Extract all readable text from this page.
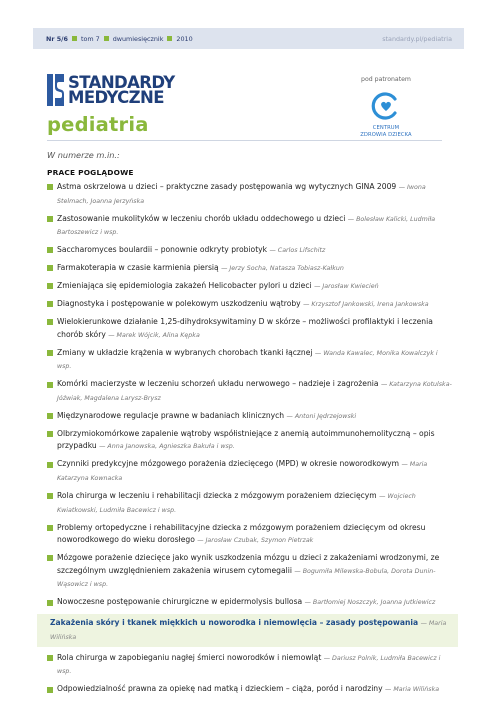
Nr 5/6 tom 7 dwumiesięcznik 2010	standardy.pl/pediatria
STANDARDY
MEDYCZNE
pediatria
pod patronatem
CENTRUM
ZDROWIA DZIECKA
W numerze m.in.:
PRACE POGLĄDOWE
Astma oskrzelowa u dzieci – praktyczne zasady postępowania wg wytycznych GINA 2009 — Iwona Stelmach, Joanna Jerzyńska
Zastosowanie mukolityków w leczeniu chorób układu oddechowego u dzieci — Bolesław Kalicki, Ludmiła Bartoszewicz i wsp.
Saccharomyces boulardii – ponownie odkryty probiotyk — Carlos Lifschitz
Farmakoterapia w czasie karmienia piersią — Jerzy Socha, Natasza Tobiasz-Kałkun
Zmieniająca się epidemiologia zakażeń Helicobacter pylori u dzieci — Jarosław Kwiecień
Diagnostyka i postępowanie w polekowym uszkodzeniu wątroby — Krzysztof Jankowski, Irena Jankowska
Wielokierunkowe działanie 1,25-dihydroksywitaminy D w skórze – możliwości profilaktyki i leczenia chorób skóry — Marek Wójcik, Alina Kępka
Zmiany w układzie krążenia w wybranych chorobach tkanki łącznej — Wanda Kawalec, Monika Kowalczyk i wsp.
Komórki macierzyste w leczeniu schorzeń układu nerwowego – nadzieje i zagrożenia — Katarzyna Kotulska-Jóźwiak, Magdalena Larysz-Brysz
Międzynarodowe regulacje prawne w badaniach klinicznych — Antoni Jędrzejowski
Olbrzymiokomórkowe zapalenie wątroby współistniejące z anemią autoimmunohemolityczną – opis przypadku — Anna Janowska, Agnieszka Bakuła i wsp.
Czynniki predykcyjne mózgowego porażenia dziecięcego (MPD) w okresie noworodkowym — Maria Katarzyna Kownacka
Rola chirurga w leczeniu i rehabilitacji dziecka z mózgowym porażeniem dziecięcym — Wojciech Kwiatkowski, Ludmiła Bacewicz i wsp.
Problemy ortopedyczne i rehabilitacyjne dziecka z mózgowym porażeniem dziecięcym od okresu noworodkowego do wieku dorosłego — Jarosław Czubak, Szymon Pietrzak
Mózgowe porażenie dziecięce jako wynik uszkodzenia mózgu u dzieci z zakażeniami wrodzonymi, ze szczególnym uwzględnieniem zakażenia wirusem cytomegalii — Bogumiła Milewska-Bobula, Dorota Dunin-Wąsowicz i wsp.
Nowoczesne postępowanie chirurgiczne w epidermolysis bullosa — Bartłomiej Noszczyk, Joanna Jutkiewicz
Zakażenia skóry i tkanek miękkich u noworodka i niemowlęcia – zasady postępowania — Maria Wilińska
Rola chirurga w zapobieganiu nagłej śmierci noworodków i niemowląt — Dariusz Polnik, Ludmiła Bacewicz i wsp.
Odpowiedzialność prawna za opiekę nad matką i dzieckiem – ciąża, poród i narodziny — Maria Wilińska
